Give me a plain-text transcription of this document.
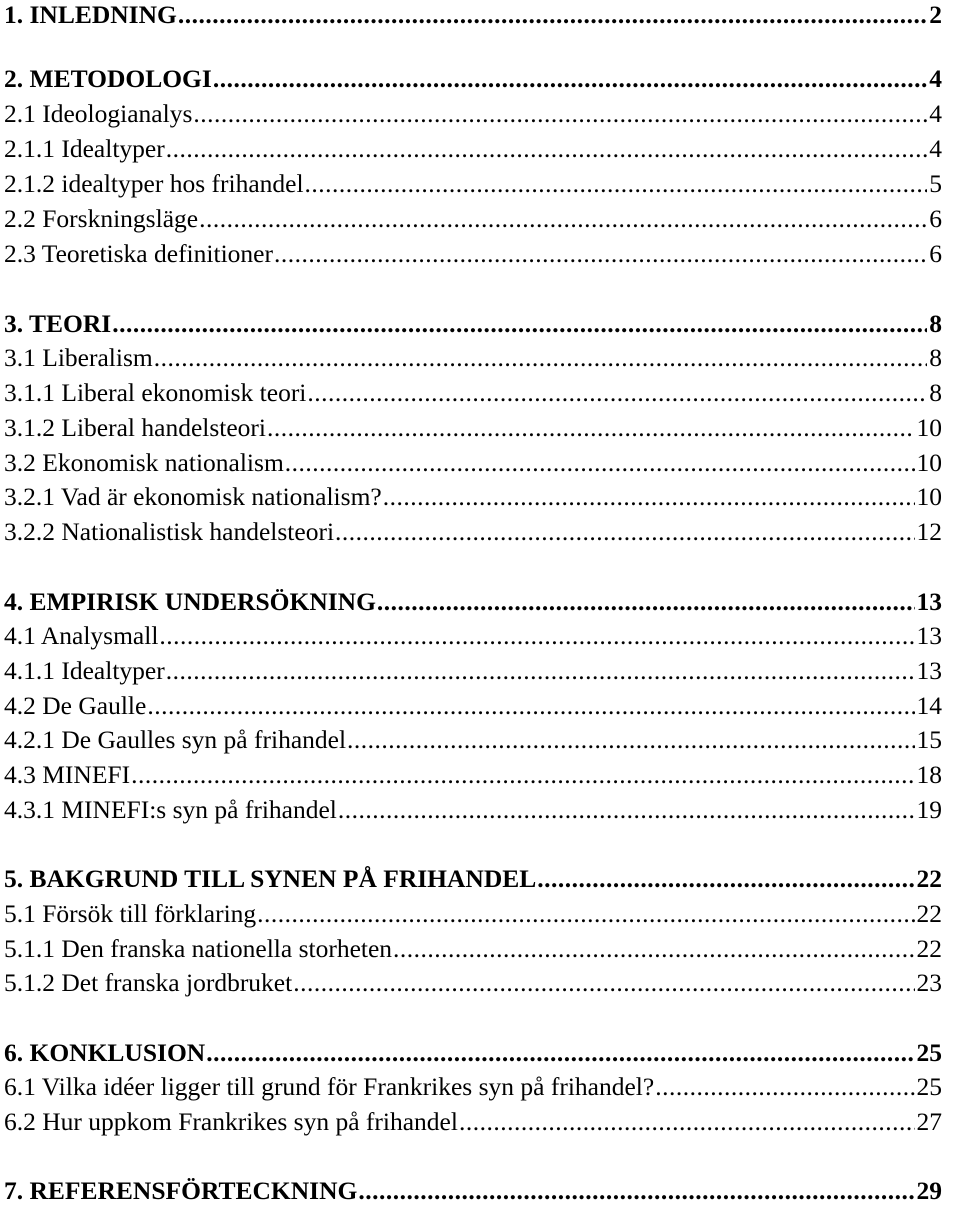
1. INLEDNING .....	2
2. METODOLOGI .....	4
2.1 Ideologianalys .....	4
2.1.1 Idealtyper .....	4
2.1.2 idealtyper hos frihandel .....	5
2.2 Forskningsläge .....	6
2.3 Teoretiska definitioner .....	6
3. TEORI .....	8
3.1 Liberalism .....	8
3.1.1 Liberal ekonomisk teori .....	8
3.1.2 Liberal handelsteori .....	10
3.2 Ekonomisk nationalism .....	10
3.2.1 Vad är ekonomisk nationalism? .....	10
3.2.2 Nationalistisk handelsteori .....	12
4. EMPIRISK UNDERSÖKNING .....	13
4.1 Analysmall .....	13
4.1.1 Idealtyper .....	13
4.2 De Gaulle .....	14
4.2.1 De Gaulles syn på frihandel .....	15
4.3 MINEFI .....	18
4.3.1 MINEFI:s syn på frihandel .....	19
5. BAKGRUND TILL SYNEN PÅ FRIHANDEL .....	22
5.1 Försök till förklaring .....	22
5.1.1 Den franska nationella storheten .....	22
5.1.2 Det franska jordbruket .....	23
6. KONKLUSION .....	25
6.1 Vilka idéer ligger till grund för Frankrikes syn på frihandel? .....	25
6.2 Hur uppkom Frankrikes syn på frihandel .....	27
7. REFERENSFÖRTECKNING .....	29
